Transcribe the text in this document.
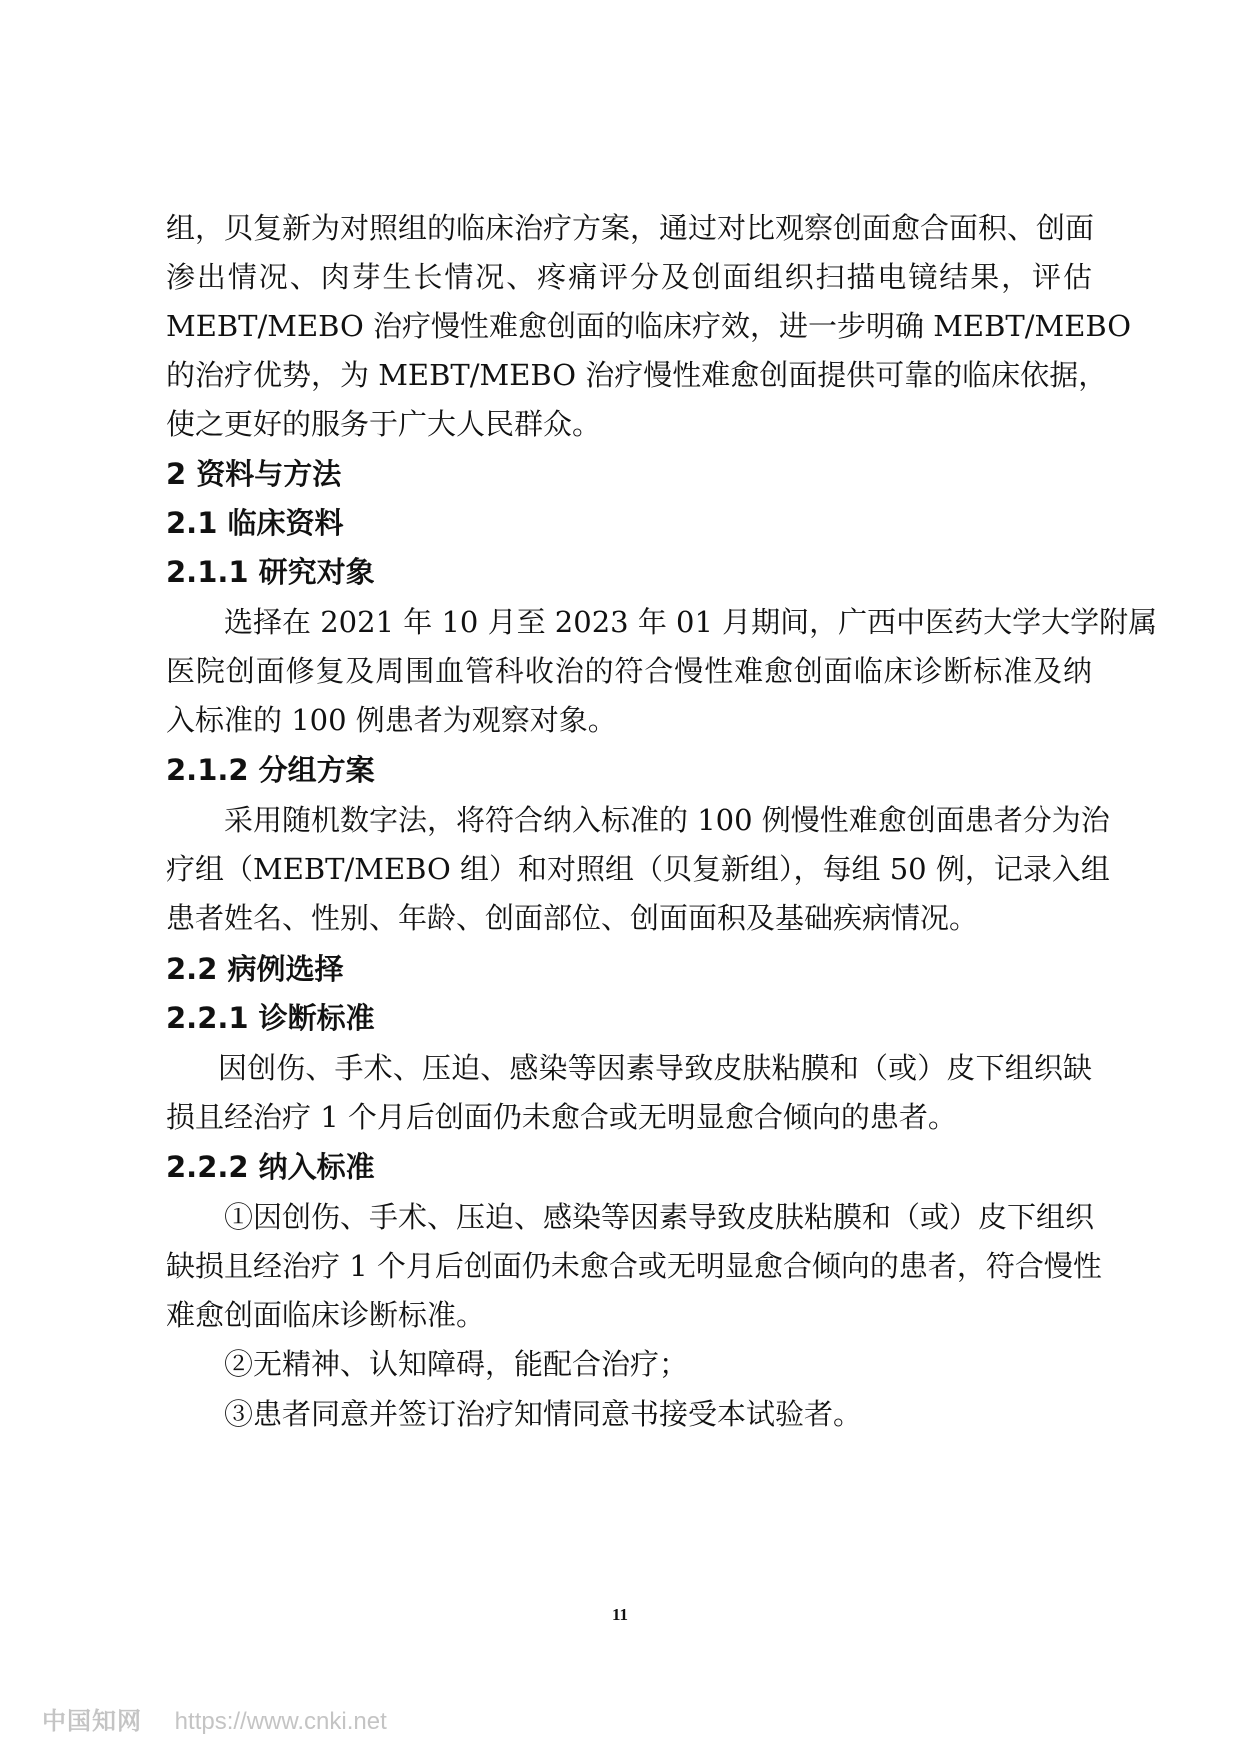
组，贝复新为对照组的临床治疗方案，通过对比观察创面愈合面积、创面
渗出情况、肉芽生长情况、疼痛评分及创面组织扫描电镜结果，评估
MEBT/MEBO 治疗慢性难愈创面的临床疗效，进一步明确 MEBT/MEBO
的治疗优势，为 MEBT/MEBO 治疗慢性难愈创面提供可靠的临床依据，
使之更好的服务于广大人民群众。
2 资料与方法
2.1 临床资料
2.1.1 研究对象
选择在 2021 年 10 月至 2023 年 01 月期间，广西中医药大学大学附属
医院创面修复及周围血管科收治的符合慢性难愈创面临床诊断标准及纳
入标准的 100 例患者为观察对象。
2.1.2 分组方案
采用随机数字法，将符合纳入标准的 100 例慢性难愈创面患者分为治
疗组（MEBT/MEBO 组）和对照组（贝复新组），每组 50 例，记录入组
患者姓名、性别、年龄、创面部位、创面面积及基础疾病情况。
2.2 病例选择
2.2.1 诊断标准
因创伤、手术、压迫、感染等因素导致皮肤粘膜和（或）皮下组织缺
损且经治疗 1 个月后创面仍未愈合或无明显愈合倾向的患者。
2.2.2 纳入标准
①因创伤、手术、压迫、感染等因素导致皮肤粘膜和（或）皮下组织
缺损且经治疗 1 个月后创面仍未愈合或无明显愈合倾向的患者，符合慢性
难愈创面临床诊断标准。
②无精神、认知障碍，能配合治疗；
③患者同意并签订治疗知情同意书接受本试验者。
11
中国知网 https://www.cnki.net
